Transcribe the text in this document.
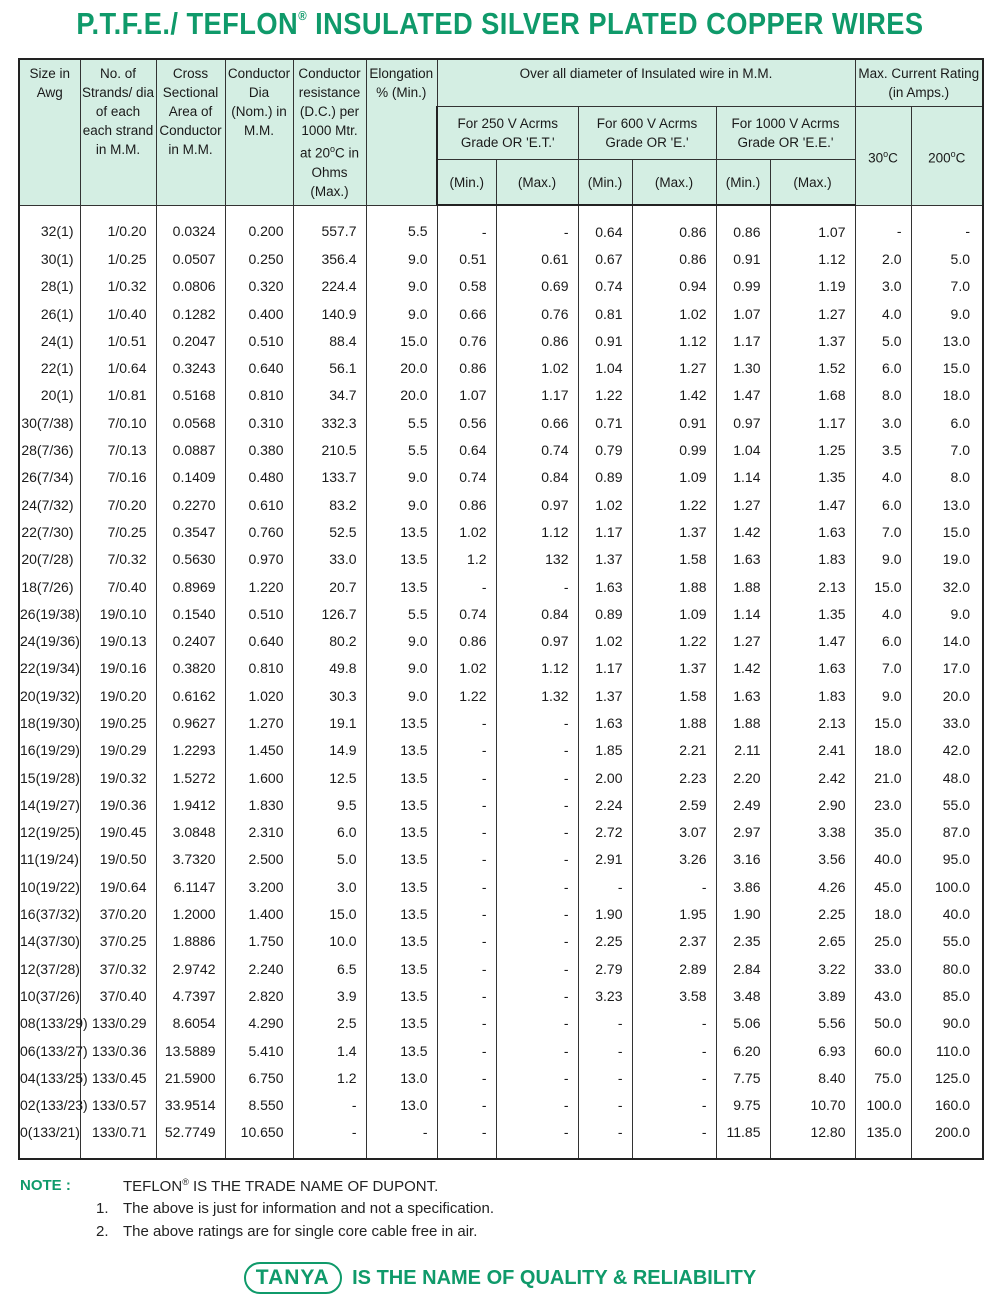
P.T.F.E./ TEFLON® INSULATED SILVER PLATED COPPER WIRES
Size in Awg	No. of Strands/ dia of each each strand in M.M.	Cross Sectional Area of Conductor in M.M.	Conductor Dia (Nom.) in M.M.	Conductor resistance (D.C.) per 1000 Mtr. at 20$^o$C in Ohms (Max.)	Elongation % (Min.)	Over all diameter of Insulated wire in M.M.						Max. Current Rating (in Amps.)	
						For 250 V Acrms Grade OR 'E.T.'		For 600 V Acrms Grade OR 'E.'		For 1000 V Acrms Grade OR 'E.E.'		30$^o$C	200$^o$C
						(Min.)	(Max.)	(Min.)	(Max.)	(Min.)	(Max.)		
32(1)	1/0.20	0.0324	0.200	557.7	5.5	-	-	0.64	0.86	0.86	1.07	-	-
30(1)	1/0.25	0.0507	0.250	356.4	9.0	0.51	0.61	0.67	0.86	0.91	1.12	2.0	5.0
28(1)	1/0.32	0.0806	0.320	224.4	9.0	0.58	0.69	0.74	0.94	0.99	1.19	3.0	7.0
26(1)	1/0.40	0.1282	0.400	140.9	9.0	0.66	0.76	0.81	1.02	1.07	1.27	4.0	9.0
24(1)	1/0.51	0.2047	0.510	88.4	15.0	0.76	0.86	0.91	1.12	1.17	1.37	5.0	13.0
22(1)	1/0.64	0.3243	0.640	56.1	20.0	0.86	1.02	1.04	1.27	1.30	1.52	6.0	15.0
20(1)	1/0.81	0.5168	0.810	34.7	20.0	1.07	1.17	1.22	1.42	1.47	1.68	8.0	18.0
30(7/38)	7/0.10	0.0568	0.310	332.3	5.5	0.56	0.66	0.71	0.91	0.97	1.17	3.0	6.0
28(7/36)	7/0.13	0.0887	0.380	210.5	5.5	0.64	0.74	0.79	0.99	1.04	1.25	3.5	7.0
26(7/34)	7/0.16	0.1409	0.480	133.7	9.0	0.74	0.84	0.89	1.09	1.14	1.35	4.0	8.0
24(7/32)	7/0.20	0.2270	0.610	83.2	9.0	0.86	0.97	1.02	1.22	1.27	1.47	6.0	13.0
22(7/30)	7/0.25	0.3547	0.760	52.5	13.5	1.02	1.12	1.17	1.37	1.42	1.63	7.0	15.0
20(7/28)	7/0.32	0.5630	0.970	33.0	13.5	1.2	132	1.37	1.58	1.63	1.83	9.0	19.0
18(7/26)	7/0.40	0.8969	1.220	20.7	13.5	-	-	1.63	1.88	1.88	2.13	15.0	32.0
26(19/38)	19/0.10	0.1540	0.510	126.7	5.5	0.74	0.84	0.89	1.09	1.14	1.35	4.0	9.0
24(19/36)	19/0.13	0.2407	0.640	80.2	9.0	0.86	0.97	1.02	1.22	1.27	1.47	6.0	14.0
22(19/34)	19/0.16	0.3820	0.810	49.8	9.0	1.02	1.12	1.17	1.37	1.42	1.63	7.0	17.0
20(19/32)	19/0.20	0.6162	1.020	30.3	9.0	1.22	1.32	1.37	1.58	1.63	1.83	9.0	20.0
18(19/30)	19/0.25	0.9627	1.270	19.1	13.5	-	-	1.63	1.88	1.88	2.13	15.0	33.0
16(19/29)	19/0.29	1.2293	1.450	14.9	13.5	-	-	1.85	2.21	2.11	2.41	18.0	42.0
15(19/28)	19/0.32	1.5272	1.600	12.5	13.5	-	-	2.00	2.23	2.20	2.42	21.0	48.0
14(19/27)	19/0.36	1.9412	1.830	9.5	13.5	-	-	2.24	2.59	2.49	2.90	23.0	55.0
12(19/25)	19/0.45	3.0848	2.310	6.0	13.5	-	-	2.72	3.07	2.97	3.38	35.0	87.0
11(19/24)	19/0.50	3.7320	2.500	5.0	13.5	-	-	2.91	3.26	3.16	3.56	40.0	95.0
10(19/22)	19/0.64	6.1147	3.200	3.0	13.5	-	-	-	-	3.86	4.26	45.0	100.0
16(37/32)	37/0.20	1.2000	1.400	15.0	13.5	-	-	1.90	1.95	1.90	2.25	18.0	40.0
14(37/30)	37/0.25	1.8886	1.750	10.0	13.5	-	-	2.25	2.37	2.35	2.65	25.0	55.0
12(37/28)	37/0.32	2.9742	2.240	6.5	13.5	-	-	2.79	2.89	2.84	3.22	33.0	80.0
10(37/26)	37/0.40	4.7397	2.820	3.9	13.5	-	-	3.23	3.58	3.48	3.89	43.0	85.0
08(133/29)	133/0.29	8.6054	4.290	2.5	13.5	-	-	-	-	5.06	5.56	50.0	90.0
06(133/27)	133/0.36	13.5889	5.410	1.4	13.5	-	-	-	-	6.20	6.93	60.0	110.0
04(133/25)	133/0.45	21.5900	6.750	1.2	13.0	-	-	-	-	7.75	8.40	75.0	125.0
02(133/23)	133/0.57	33.9514	8.550	-	13.0	-	-	-	-	9.75	10.70	100.0	160.0
0(133/21)	133/0.71	52.7749	10.650	-	-	-	-	-	-	11.85	12.80	135.0	200.0
NOTE :	TEFLON® IS THE TRADE NAME OF DUPONT.
1. The above is just for information and not a specification.
2. The above ratings are for single core cable free in air.
TANYA IS THE NAME OF QUALITY & RELIABILITY
